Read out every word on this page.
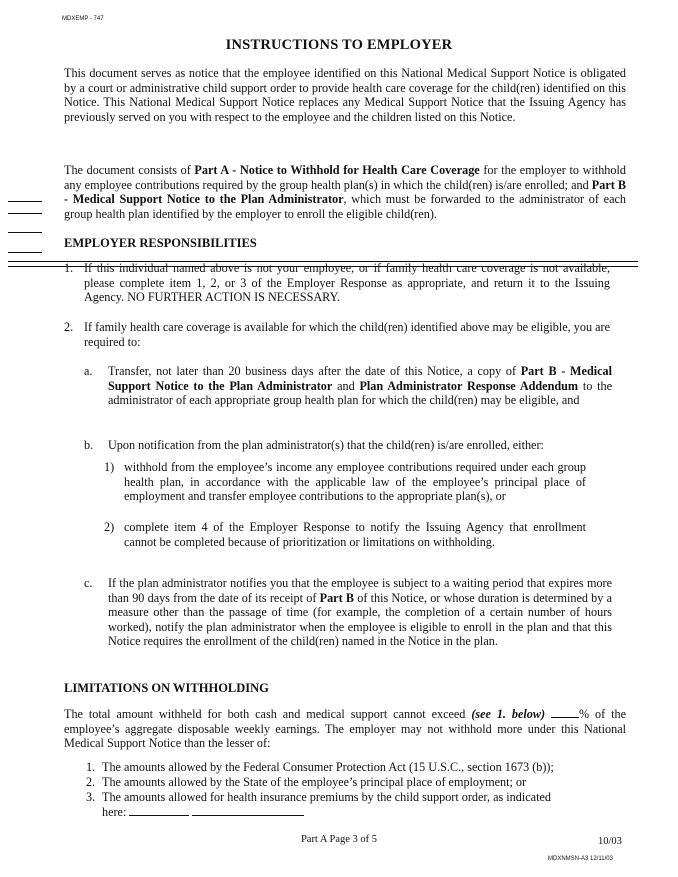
MDXEMP - 747
INSTRUCTIONS TO EMPLOYER
This document serves as notice that the employee identified on this National Medical Support Notice is obligated by a court or administrative child support order to provide health care coverage for the child(ren) identified on this Notice. This National Medical Support Notice replaces any Medical Support Notice that the Issuing Agency has previously served on you with respect to the employee and the children listed on this Notice.
The document consists of Part A - Notice to Withhold for Health Care Coverage for the employer to withhold any employee contributions required by the group health plan(s) in which the child(ren) is/are enrolled; and Part B - Medical Support Notice to the Plan Administrator, which must be forwarded to the administrator of each group health plan identified by the employer to enroll the eligible child(ren).
EMPLOYER RESPONSIBILITIES
1. If this individual named above is not your employee, or if family health care coverage is not available, please complete item 1, 2, or 3 of the Employer Response as appropriate, and return it to the Issuing Agency. NO FURTHER ACTION IS NECESSARY.
2. If family health care coverage is available for which the child(ren) identified above may be eligible, you are required to:
a.	Transfer, not later than 20 business days after the date of this Notice, a copy of Part B - Medical Support Notice to the Plan Administrator and Plan Administrator Response Addendum to the administrator of each appropriate group health plan for which the child(ren) may be eligible, and
b.	Upon notification from the plan administrator(s) that the child(ren) is/are enrolled, either:
1) withhold from the employee’s income any employee contributions required under each group health plan, in accordance with the applicable law of the employee’s principal place of employment and transfer employee contributions to the appropriate plan(s), or
2) complete item 4 of the Employer Response to notify the Issuing Agency that enrollment cannot be completed because of prioritization or limitations on withholding.
c.	If the plan administrator notifies you that the employee is subject to a waiting period that expires more than 90 days from the date of its receipt of Part B of this Notice, or whose duration is determined by a measure other than the passage of time (for example, the completion of a certain number of hours worked), notify the plan administrator when the employee is eligible to enroll in the plan and that this Notice requires the enrollment of the child(ren) named in the Notice in the plan.
LIMITATIONS ON WITHHOLDING
The total amount withheld for both cash and medical support cannot exceed (see 1. below)	% of the employee’s aggregate disposable weekly earnings. The employer may not withhold more under this National Medical Support Notice than the lesser of:
1. The amounts allowed by the Federal Consumer Protection Act (15 U.S.C., section 1673 (b));
2. The amounts allowed by the State of the employee’s principal place of employment; or
3. The amounts allowed for health insurance premiums by the child support order, as indicated
here:
Part A Page 3 of 5	10/03
MDXNMSN-A3 12/11/03
